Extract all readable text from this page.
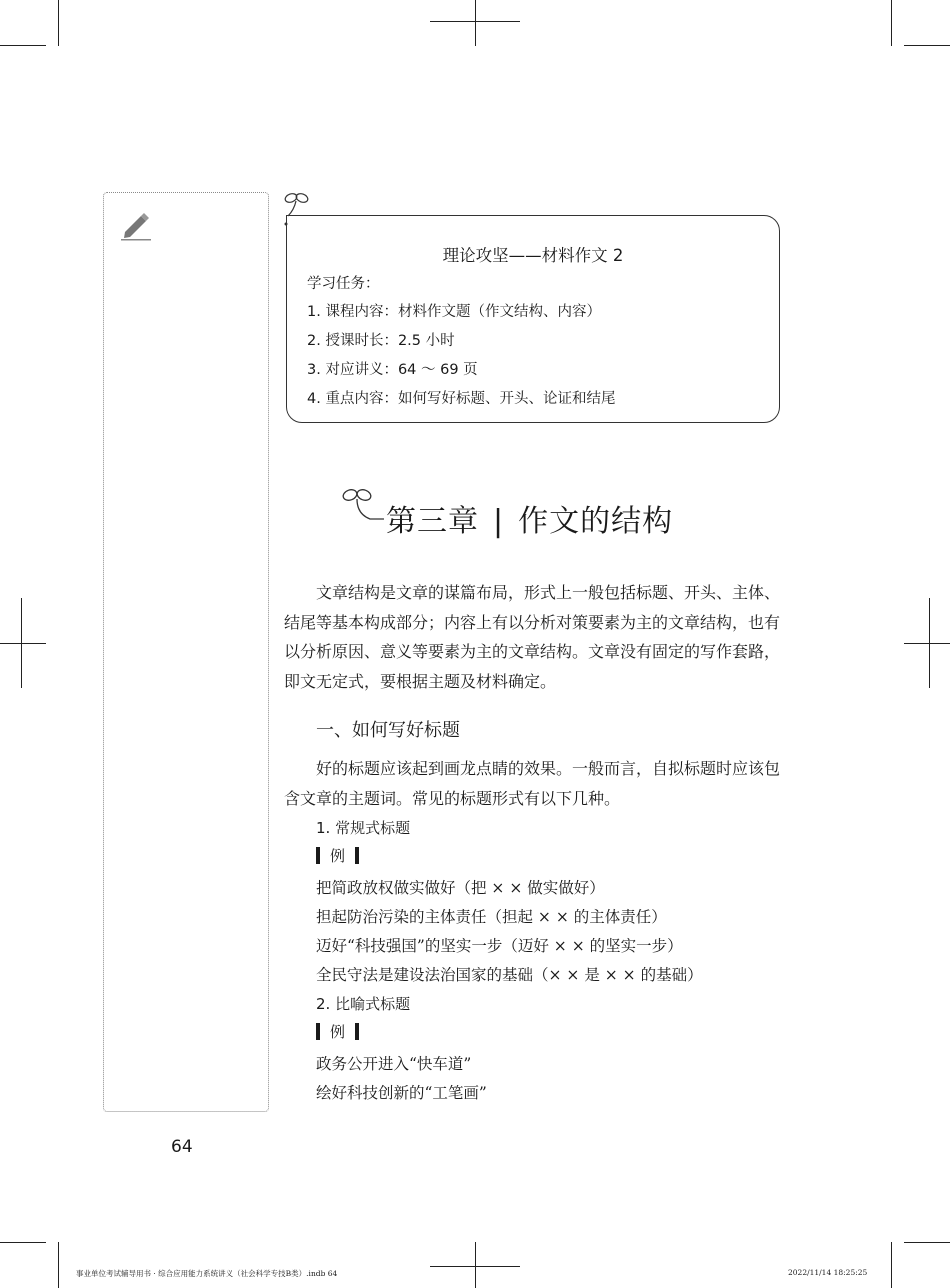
理论攻坚——材料作文 2
学习任务：
1. 课程内容：材料作文题（作文结构、内容）
2. 授课时长：2.5 小时
3. 对应讲义：64 ～ 69 页
4. 重点内容：如何写好标题、开头、论证和结尾
第三章 | 作文的结构
文章结构是文章的谋篇布局，形式上一般包括标题、开头、主体、结尾等基本构成部分；内容上有以分析对策要素为主的文章结构，也有以分析原因、意义等要素为主的文章结构。文章没有固定的写作套路，即文无定式，要根据主题及材料确定。
一、如何写好标题
好的标题应该起到画龙点睛的效果。一般而言，自拟标题时应该包含文章的主题词。常见的标题形式有以下几种。
1. 常规式标题
例
把简政放权做实做好（把 × × 做实做好）
担起防治污染的主体责任（担起 × × 的主体责任）
迈好“科技强国”的坚实一步（迈好 × × 的坚实一步）
全民守法是建设法治国家的基础（× × 是 × × 的基础）
2. 比喻式标题
例
政务公开进入“快车道”
绘好科技创新的“工笔画”
64
事业单位考试辅导用书 · 综合应用能力系统讲义（社会科学专技B类）.indb 64	2022/11/14 18:25:25
